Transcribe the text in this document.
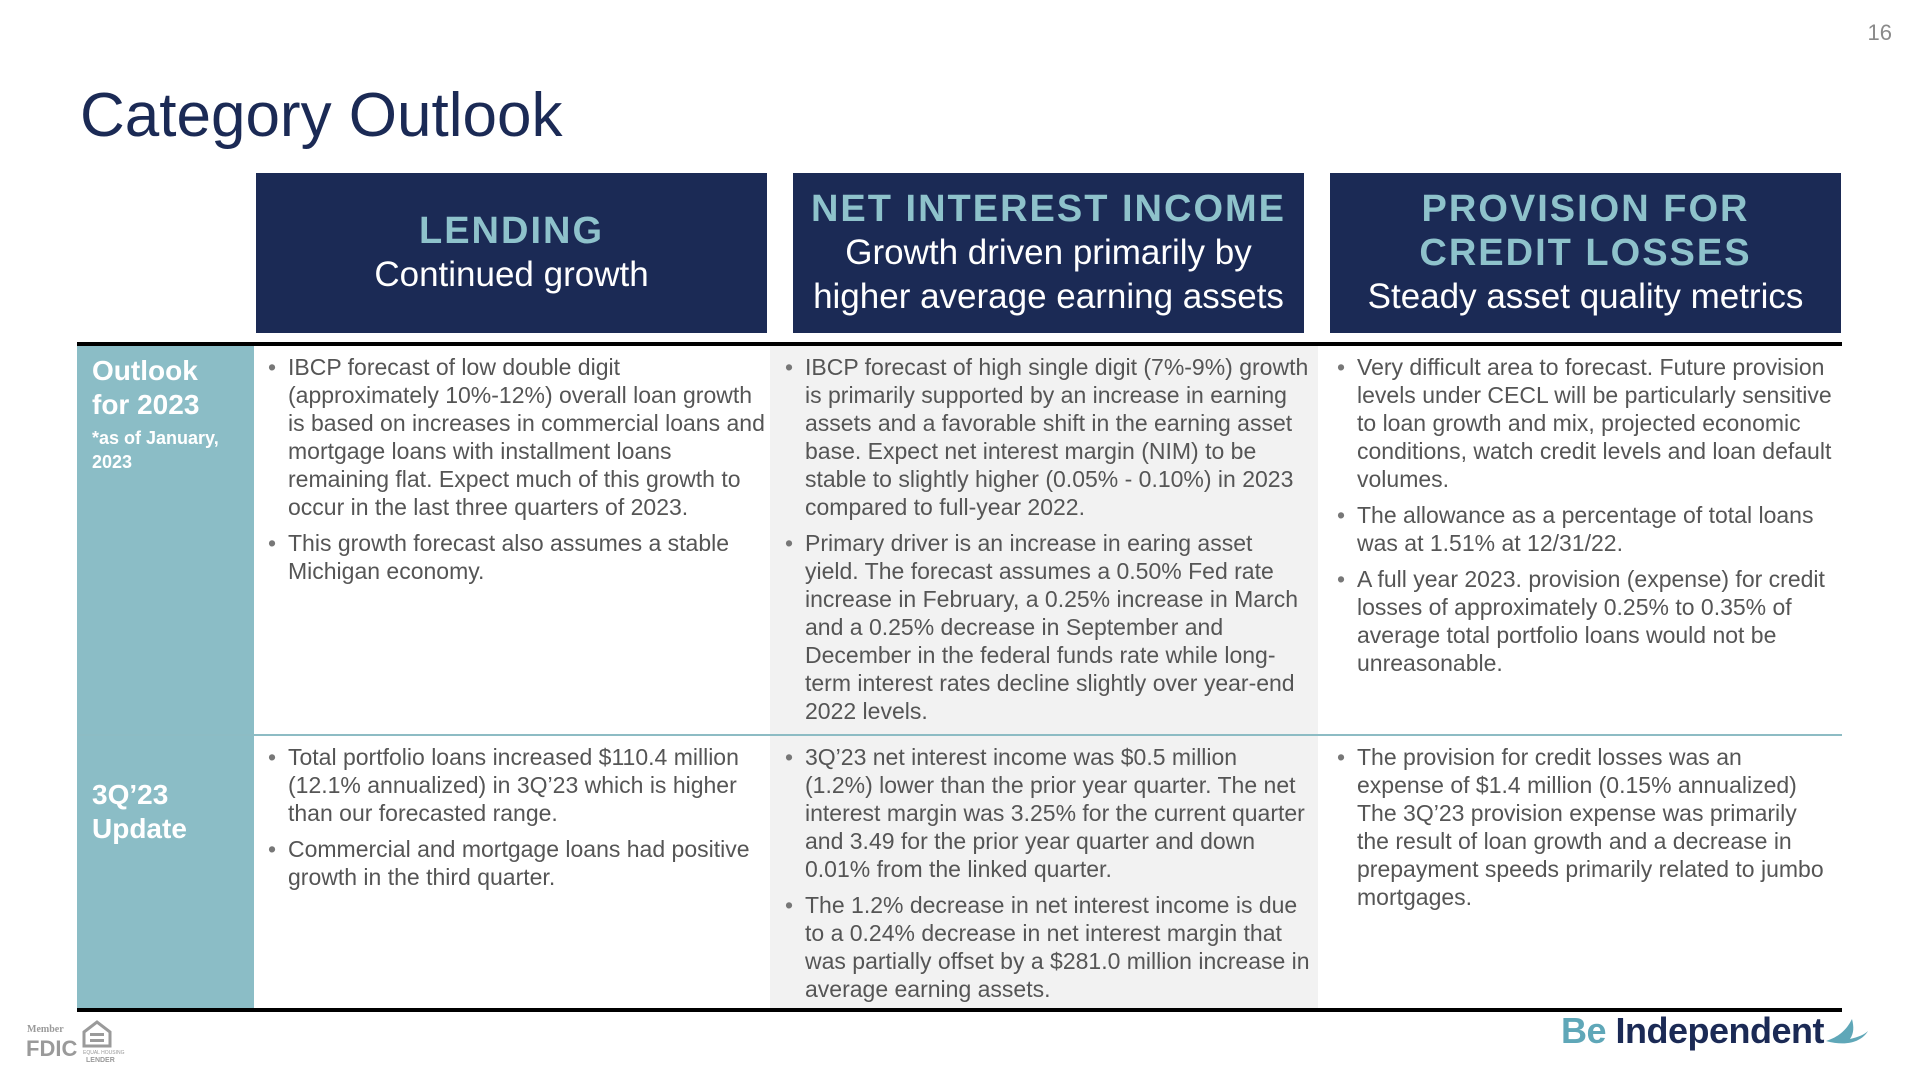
16
Category Outlook
LENDING
Continued growth
NET INTEREST INCOME
Growth driven primarily by
higher average earning assets
PROVISION FOR
CREDIT LOSSES
Steady asset quality metrics
Outlook
for 2023
*as of January,
2023
3Q’23
Update
• IBCP forecast of low double digit (approximately 10%-12%) overall loan growth is based on increases in commercial loans and mortgage loans with installment loans remaining flat. Expect much of this growth to occur in the last three quarters of 2023.
• This growth forecast also assumes a stable Michigan economy.
• IBCP forecast of high single digit (7%-9%) growth is primarily supported by an increase in earning assets and a favorable shift in the earning asset base. Expect net interest margin (NIM) to be stable to slightly higher (0.05% - 0.10%) in 2023 compared to full-year 2022.
• Primary driver is an increase in earing asset yield. The forecast assumes a 0.50% Fed rate increase in February, a 0.25% increase in March and a 0.25% decrease in September and December in the federal funds rate while long-term interest rates decline slightly over year-end 2022 levels.
• Very difficult area to forecast. Future provision levels under CECL will be particularly sensitive to loan growth and mix, projected economic conditions, watch credit levels and loan default volumes.
• The allowance as a percentage of total loans was at 1.51% at 12/31/22.
• A full year 2023. provision (expense) for credit losses of approximately 0.25% to 0.35% of average total portfolio loans would not be unreasonable.
• Total portfolio loans increased $110.4 million (12.1% annualized) in 3Q’23 which is higher than our forecasted range.
• Commercial and mortgage loans had positive growth in the third quarter.
• 3Q’23 net interest income was $0.5 million (1.2%) lower than the prior year quarter. The net interest margin was 3.25% for the current quarter and 3.49 for the prior year quarter and down 0.01% from the linked quarter.
• The 1.2% decrease in net interest income is due to a 0.24% decrease in net interest margin that was partially offset by a $281.0 million increase in average earning assets.
• The provision for credit losses was an expense of $1.4 million (0.15% annualized) The 3Q’23 provision expense was primarily the result of loan growth and a decrease in prepayment speeds primarily related to jumbo mortgages.
Member
FDIC EQUAL HOUSING
LENDER
Be Independent
